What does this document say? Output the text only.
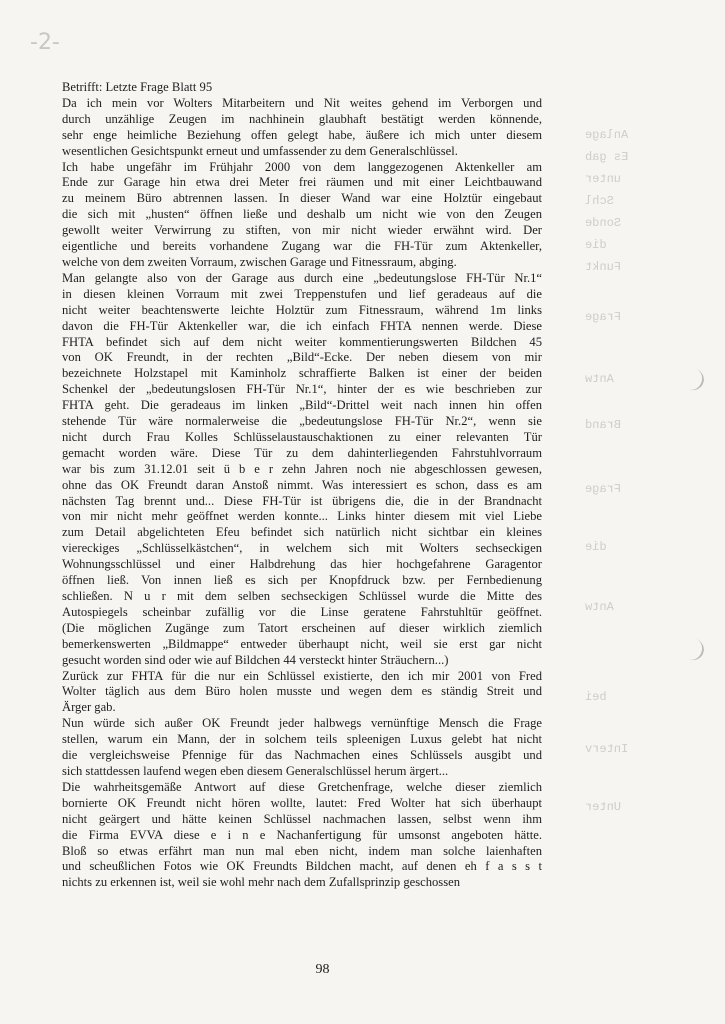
-2-
Anlage
Es gab
unter
Schl
Sonde
die
Funkt
Frage
Antw
Brand
Frage
die
Antw
bei
Interv
Unter
Betrifft: Letzte Frage Blatt 95
Da ich mein vor Wolters Mitarbeitern und Nit weites gehend im Verborgen und
durch unzählige Zeugen im nachhinein glaubhaft bestätigt werden könnende,
sehr enge heimliche Beziehung offen gelegt habe, äußere ich mich unter diesem
wesentlichen Gesichtspunkt erneut und umfassender zu dem Generalschlüssel.
Ich habe ungefähr im Frühjahr 2000 von dem langgezogenen Aktenkeller am
Ende zur Garage hin etwa drei Meter frei räumen und mit einer Leichtbauwand
zu meinem Büro abtrennen lassen. In dieser Wand war eine Holztür eingebaut
die sich mit „husten“ öffnen ließe und deshalb um nicht wie von den Zeugen
gewollt weiter Verwirrung zu stiften, von mir nicht wieder erwähnt wird. Der
eigentliche und bereits vorhandene Zugang war die FH-Tür zum Aktenkeller,
welche von dem zweiten Vorraum, zwischen Garage und Fitnessraum, abging.
Man gelangte also von der Garage aus durch eine „bedeutungslose FH-Tür Nr.1“
in diesen kleinen Vorraum mit zwei Treppenstufen und lief geradeaus auf die
nicht weiter beachtenswerte leichte Holztür zum Fitnessraum, während 1m links
davon die FH-Tür Aktenkeller war, die ich einfach FHTA nennen werde. Diese
FHTA befindet sich auf dem nicht weiter kommentierungswerten Bildchen 45
von OK Freundt, in der rechten „Bild“-Ecke. Der neben diesem von mir
bezeichnete Holzstapel mit Kaminholz schraffierte Balken ist einer der beiden
Schenkel der „bedeutungslosen FH-Tür Nr.1“, hinter der es wie beschrieben zur
FHTA geht. Die geradeaus im linken „Bild“-Drittel weit nach innen hin offen
stehende Tür wäre normalerweise die „bedeutungslose FH-Tür Nr.2“, wenn sie
nicht durch Frau Kolles Schlüsselaustauschaktionen zu einer relevanten Tür
gemacht worden wäre. Diese Tür zu dem dahinterliegenden Fahrstuhlvorraum
war bis zum 31.12.01 seit ü b e r zehn Jahren noch nie abgeschlossen gewesen,
ohne das OK Freundt daran Anstoß nimmt. Was interessiert es schon, dass es am
nächsten Tag brennt und... Diese FH-Tür ist übrigens die, die in der Brandnacht
von mir nicht mehr geöffnet werden konnte... Links hinter diesem mit viel Liebe
zum Detail abgelichteten Efeu befindet sich natürlich nicht sichtbar ein kleines
viereckiges „Schlüsselkästchen“, in welchem sich mit Wolters sechseckigen
Wohnungsschlüssel und einer Halbdrehung das hier hochgefahrene Garagentor
öffnen ließ. Von innen ließ es sich per Knopfdruck bzw. per Fernbedienung
schließen. N u r mit dem selben sechseckigen Schlüssel wurde die Mitte des
Autospiegels scheinbar zufällig vor die Linse geratene Fahrstuhltür geöffnet.
(Die möglichen Zugänge zum Tatort erscheinen auf dieser wirklich ziemlich
bemerkenswerten „Bildmappe“ entweder überhaupt nicht, weil sie erst gar nicht
gesucht worden sind oder wie auf Bildchen 44 versteckt hinter Sträuchern...)
Zurück zur FHTA für die nur ein Schlüssel existierte, den ich mir 2001 von Fred
Wolter täglich aus dem Büro holen musste und wegen dem es ständig Streit und
Ärger gab.
Nun würde sich außer OK Freundt jeder halbwegs vernünftige Mensch die Frage
stellen, warum ein Mann, der in solchem teils spleenigen Luxus gelebt hat nicht
die vergleichsweise Pfennige für das Nachmachen eines Schlüssels ausgibt und
sich stattdessen laufend wegen eben diesem Generalschlüssel herum ärgert...
Die wahrheitsgemäße Antwort auf diese Gretchenfrage, welche dieser ziemlich
bornierte OK Freundt nicht hören wollte, lautet: Fred Wolter hat sich überhaupt
nicht geärgert und hätte keinen Schlüssel nachmachen lassen, selbst wenn ihm
die Firma EVVA diese e i n e Nachanfertigung für umsonst angeboten hätte.
Bloß so etwas erfährt man nun mal eben nicht, indem man solche laienhaften
und scheußlichen Fotos wie OK Freundts Bildchen macht, auf denen eh f a s s t
nichts zu erkennen ist, weil sie wohl mehr nach dem Zufallsprinzip geschossen
98
